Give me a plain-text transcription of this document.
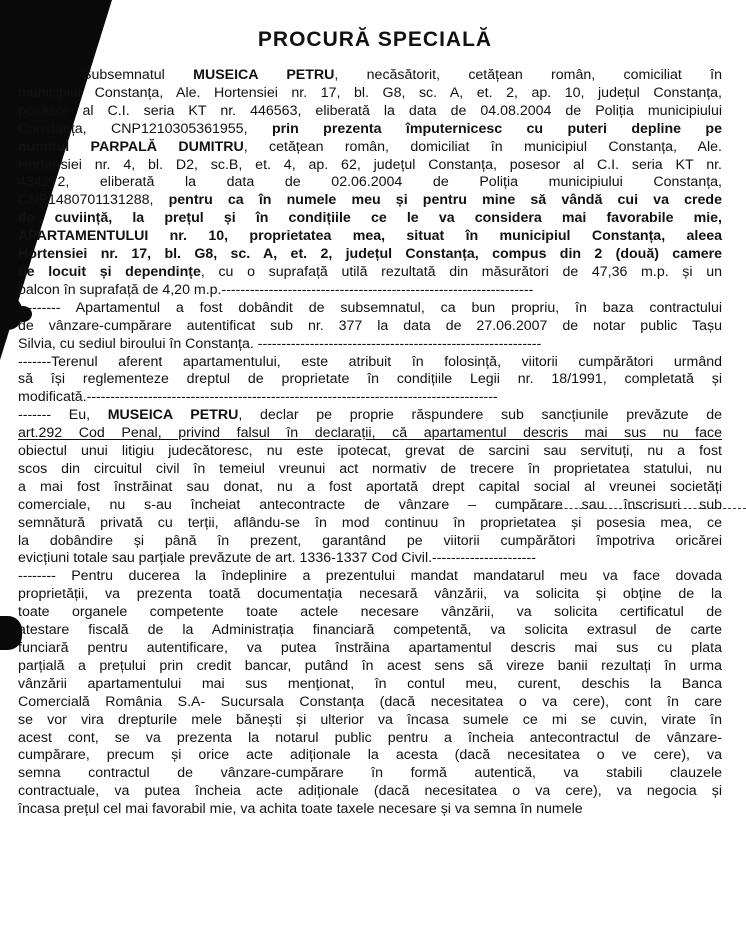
PROCURĂ SPECIALĂ

Subsemnatul MUSEICA PETRU, necăsătorit, cetățean român, comiciliat în
municipiul Constanța, Ale. Hortensiei nr. 17, bl. G8, sc. A, et. 2, ap. 10, județul Constanța,
posesor al C.I. seria KT nr. 446563, eliberată la data de 04.08.2004 de Poliția municipiului
Constanța, CNP1210305361955, prin prezenta împuternicesc cu puteri depline pe
numitul PARPALĂ DUMITRU, cetățean român, domiciliat în municipiul Constanța, Ale.
Hortensiei nr. 4, bl. D2, sc.B, et. 4, ap. 62, județul Constanța, posesor al C.I. seria KT nr.
434272, eliberată la data de 02.06.2004 de Poliția municipiului Constanța,
CNP1480701131288, pentru ca în numele meu și pentru mine să vândă cui va crede
de cuviință, la prețul și în condițiile ce le va considera mai favorabile mie,
APARTAMENTULUI nr. 10, proprietatea mea, situat în municipiul Constanța, aleea
Hortensiei nr. 17, bl. G8, sc. A, et. 2, județul Constanța, compus din 2 (două) camere
de locuit și dependințe, cu o suprafață utilă rezultată din măsurători de 47,36 m.p. și un
balcon în suprafață de 4,20 m.p.------------------------------------------------------------------

--------- Apartamentul a fost dobândit de subsemnatul, ca bun propriu, în baza contractului
de vânzare-cumpărare autentificat sub nr. 377 la data de 27.06.2007 de notar public Tașu
Silvia, cu sediul biroului în Constanța. ------------------------------------------------------------

-------Terenul aferent apartamentului, este atribuit în folosință, viitorii cumpărători urmând
să își reglementeze dreptul de proprietate în condițiile Legii nr. 18/1991, completată și
modificată.---------------------------------------------------------------------------------------

------- Eu, MUSEICA PETRU, declar pe proprie răspundere sub sancțiunile prevăzute de
art.292 Cod Penal, privind falsul în declarații, că apartamentul descris mai sus nu face
obiectul unui litigiu judecătoresc, nu este ipotecat, grevat de sarcini sau servituți, nu a fost
scos din circuitul civil în temeiul vreunui act normativ de trecere în proprietatea statului, nu
a mai fost înstrăinat sau donat, nu a fost aportată drept capital social al vreunei societăți
comerciale, nu s-au încheiat antecontracte de vânzare – cumpărare sau înscrisuri sub
semnătură privată cu terții, aflându-se în mod continuu în proprietatea și posesia mea, ce
la dobândire și până în prezent, garantând pe viitorii cumpărători împotriva oricărei
evicțiuni totale sau parțiale prevăzute de art. 1336-1337 Cod Civil.----------------------

-------- Pentru ducerea la îndeplinire a prezentului mandat mandatarul meu va face dovada
proprietății, va prezenta toată documentația necesară vânzării, va solicita și obține de la
toate organele competente toate actele necesare vânzării, va solicita certificatul de
atestare fiscală de la Administrația financiară competentă, va solicita extrasul de carte
funciară pentru autentificare, va putea înstrăina apartamentul descris mai sus cu plata
parțială a prețului prin credit bancar, putând în acest sens să vireze banii rezultați în urma
vânzării apartamentului mai sus menționat, în contul meu, curent, deschis la Banca
Comercială România S.A- Sucursala Constanța (dacă necesitatea o va cere), cont în care
se vor vira drepturile mele bănești și ulterior va încasa sumele ce mi se cuvin, virate în
acest cont, se va prezenta la notarul public pentru a încheia antecontractul de vânzare-
cumpărare, precum și orice acte adiționale la acesta (dacă necesitatea o ve cere), va
semna contractul de vânzare-cumpărare în formă autentică, va stabili clauzele
contractuale, va putea încheia acte adiționale (dacă necesitatea o va cere), va negocia și
încasa prețul cel mai favorabil mie, va achita toate taxele necesare și va semna în numele
